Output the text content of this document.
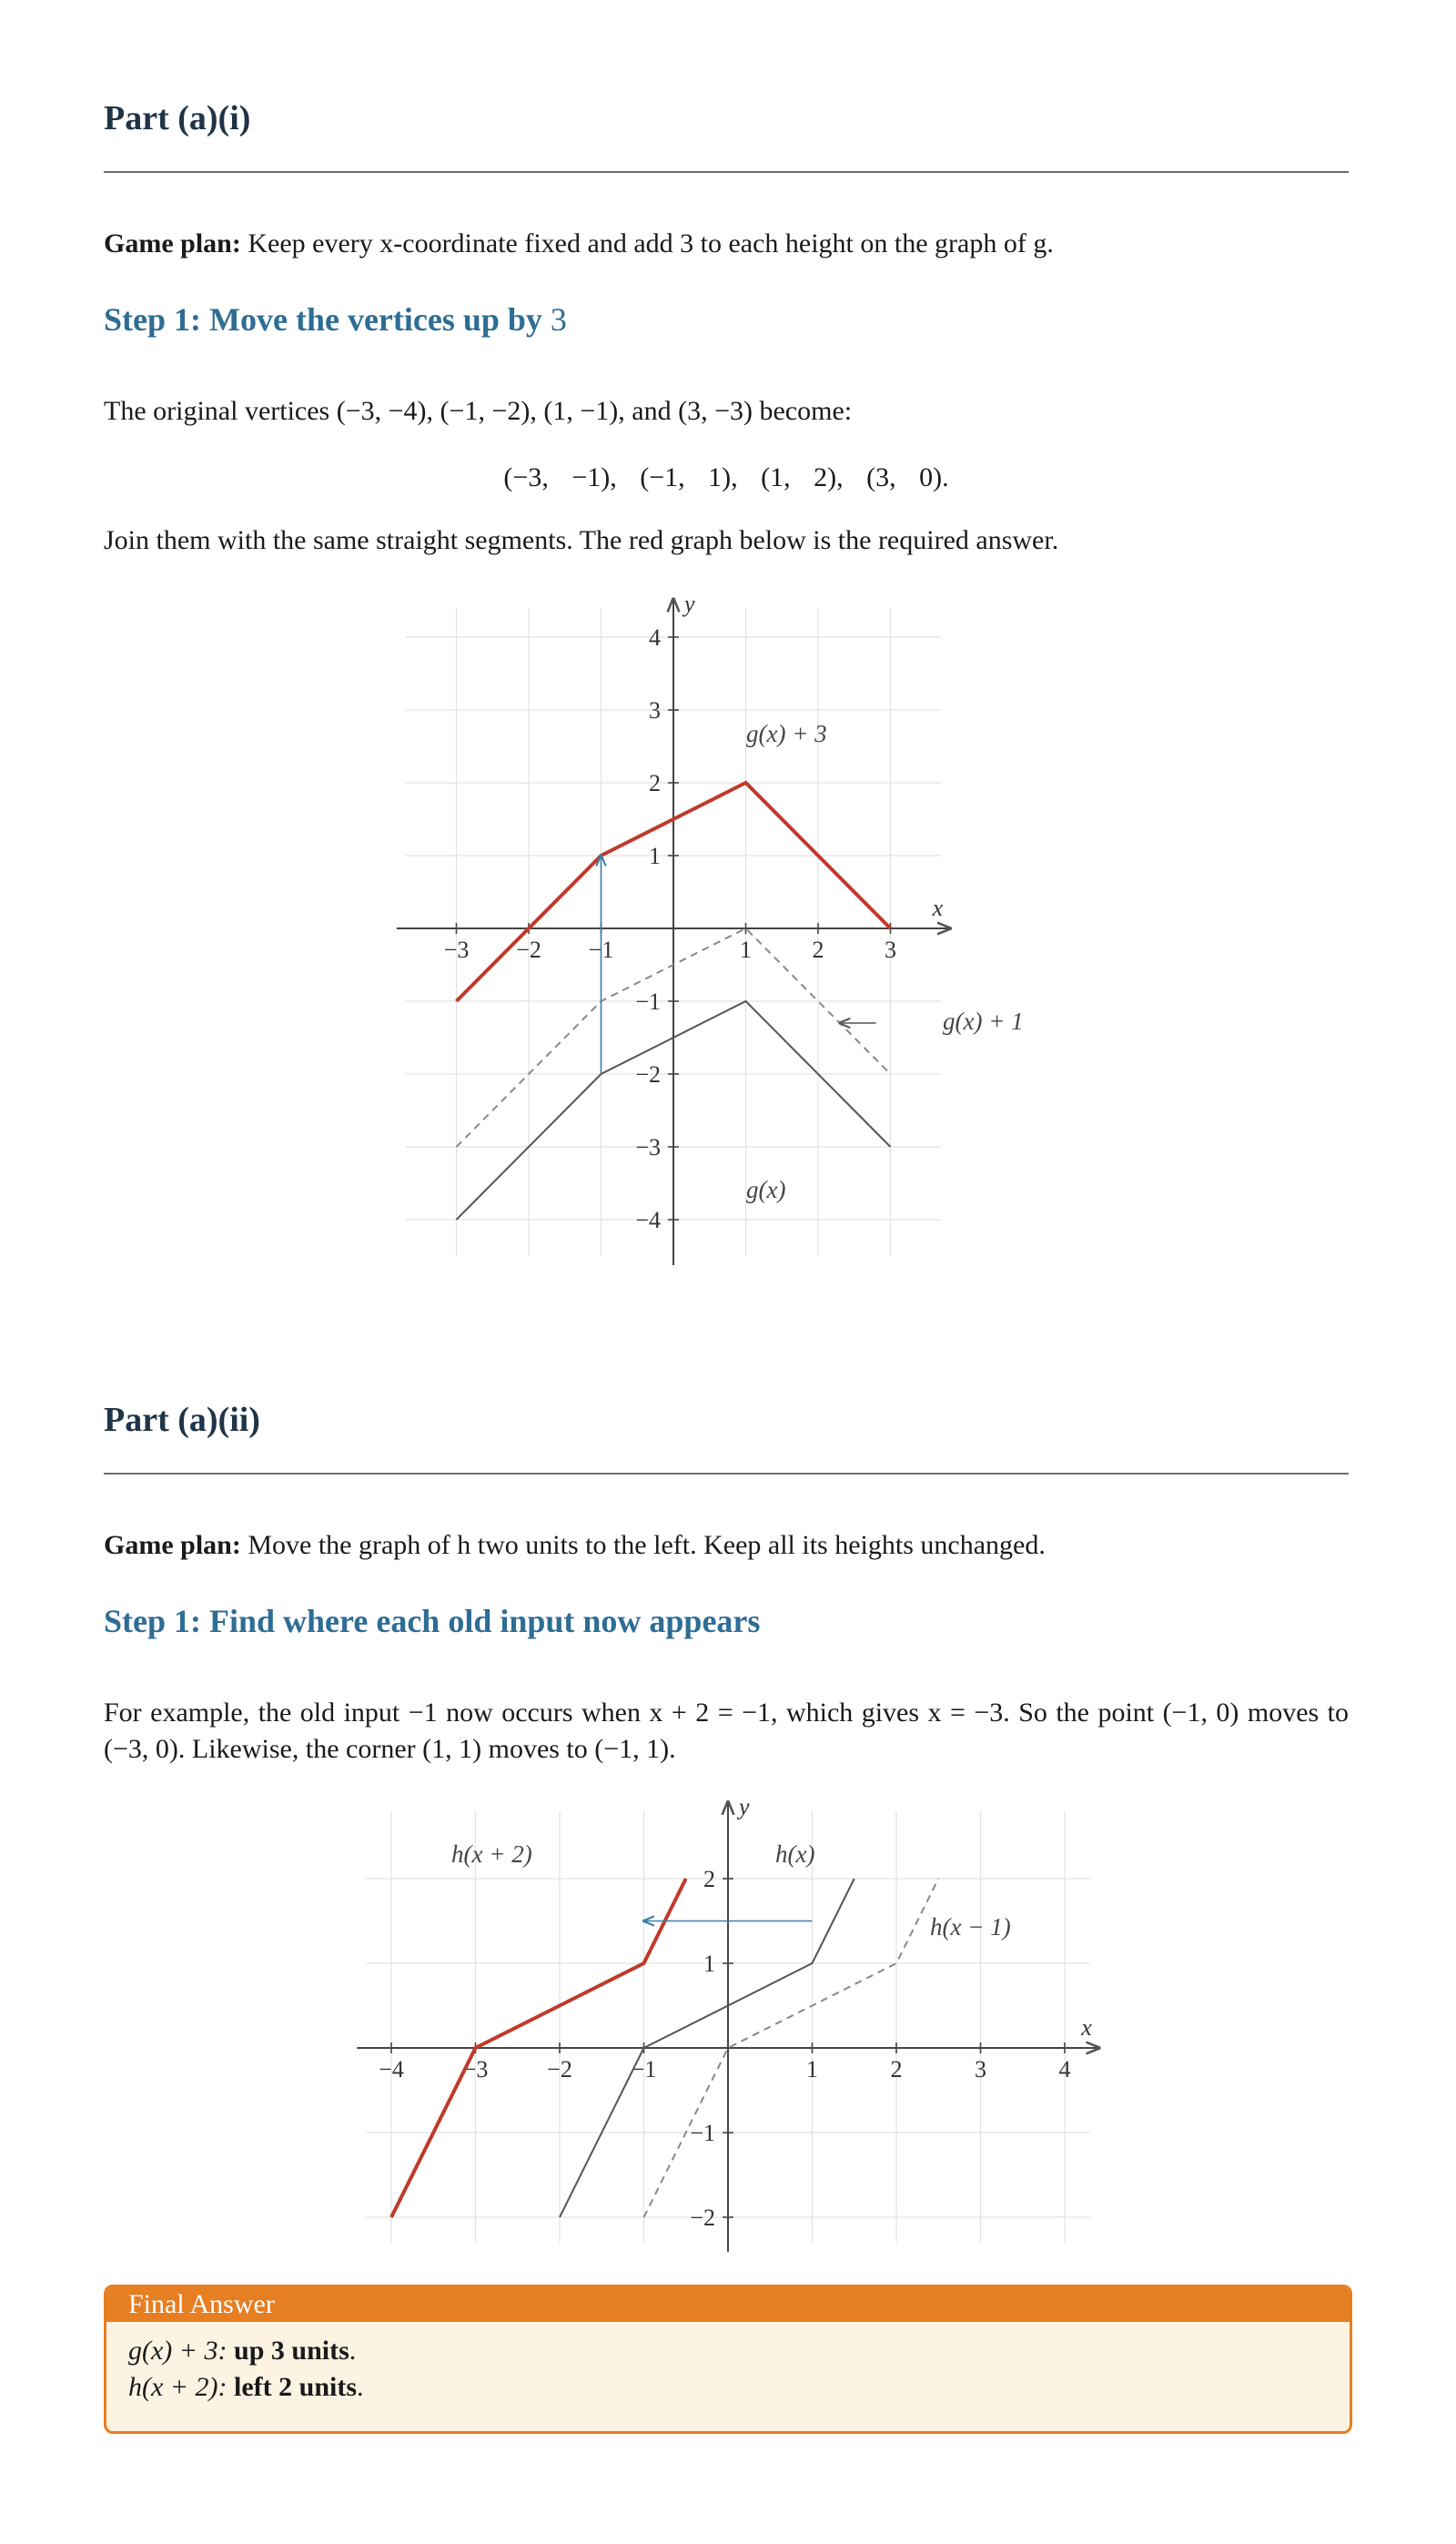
Part (a)(i)
Game plan: Keep every x-coordinate fixed and add 3 to each height on the graph of g.
Step 1: Move the vertices up by 3
The original vertices (−3, −4), (−1, −2), (1, −1), and (3, −3) become:
(−3, −1), (−1, 1), (1, 2), (3, 0).
Join them with the same straight segments. The red graph below is the required answer.
Part (a)(ii)
Game plan: Move the graph of h two units to the left. Keep all its heights unchanged.
Step 1: Find where each old input now appears
For example, the old input −1 now occurs when x + 2 = −1, which gives x = −3. So the point (−1, 0) moves to (−3, 0). Likewise, the corner (1, 1) moves to (−1, 1).
x
y
−3 −2 −1	1	2	3
−4
−3
−2
−1
1
2
3
4
g(x) + 3
g(x) + 1
g(x)
x
y
−4 −3 −2 −1	1	2	3	4
−2
−1
1
2
h(x + 2)	h(x)
h(x − 1)
Final Answer
g(x) + 3: up 3 units.
h(x + 2): left 2 units.
